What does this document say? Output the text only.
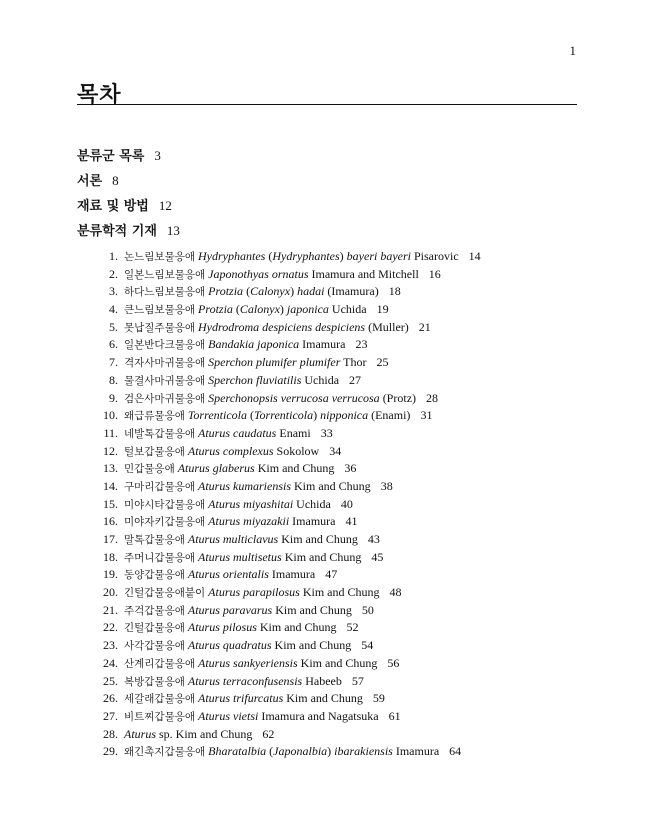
1
목차
분류군 목록 3
서론 8
재료 및 방법 12
분류학적 기재 13
1. 논느림보물응애 Hydryphantes (Hydryphantes) bayeri bayeri Pisarovic 14
2. 일본느림보물응애 Japonothyas ornatus Imamura and Mitchell 16
3. 하다느림보물응애 Protzia (Calonyx) hadai (Imamura) 18
4. 큰느림보물응애 Protzia (Calonyx) japonica Uchida 19
5. 못납질주물응애 Hydrodroma despiciens despiciens (Muller) 21
6. 일본반다크물응애 Bandakia japonica Imamura 23
7. 격자사마귀물응애 Sperchon plumifer plumifer Thor 25
8. 물결사마귀물응애 Sperchon fluviatilis Uchida 27
9. 검은사마귀물응애 Sperchonopsis verrucosa verrucosa (Protz) 28
10. 왜급류물응애 Torrenticola (Torrenticola) nipponica (Enami) 31
11. 네발톡갑물응애 Aturus caudatus Enami 33
12. 털보갑물응애 Aturus complexus Sokolow 34
13. 민갑물응애 Aturus glaberus Kim and Chung 36
14. 구마리갑물응애 Aturus kumariensis Kim and Chung 38
15. 미야시타갑물응애 Aturus miyashitai Uchida 40
16. 미야자키갑물응애 Aturus miyazakii Imamura 41
17. 말톡갑물응애 Aturus multiclavus Kim and Chung 43
18. 주머니갑물응애 Aturus multisetus Kim and Chung 45
19. 동양갑물응애 Aturus orientalis Imamura 47
20. 긴털갑물응애붙이 Aturus parapilosus Kim and Chung 48
21. 주걱갑물응애 Aturus paravarus Kim and Chung 50
22. 긴털갑물응애 Aturus pilosus Kim and Chung 52
23. 사각갑물응애 Aturus quadratus Kim and Chung 54
24. 산계리갑물응애 Aturus sankyeriensis Kim and Chung 56
25. 복방갑물응애 Aturus terraconfusensis Habeeb 57
26. 세갈래갑물응애 Aturus trifurcatus Kim and Chung 59
27. 비트찌갑물응애 Aturus vietsi Imamura and Nagatsuka 61
28. Aturus sp. Kim and Chung 62
29. 왜긴촉지갑물응애 Bharatalbia (Japonalbia) ibarakiensis Imamura 64
